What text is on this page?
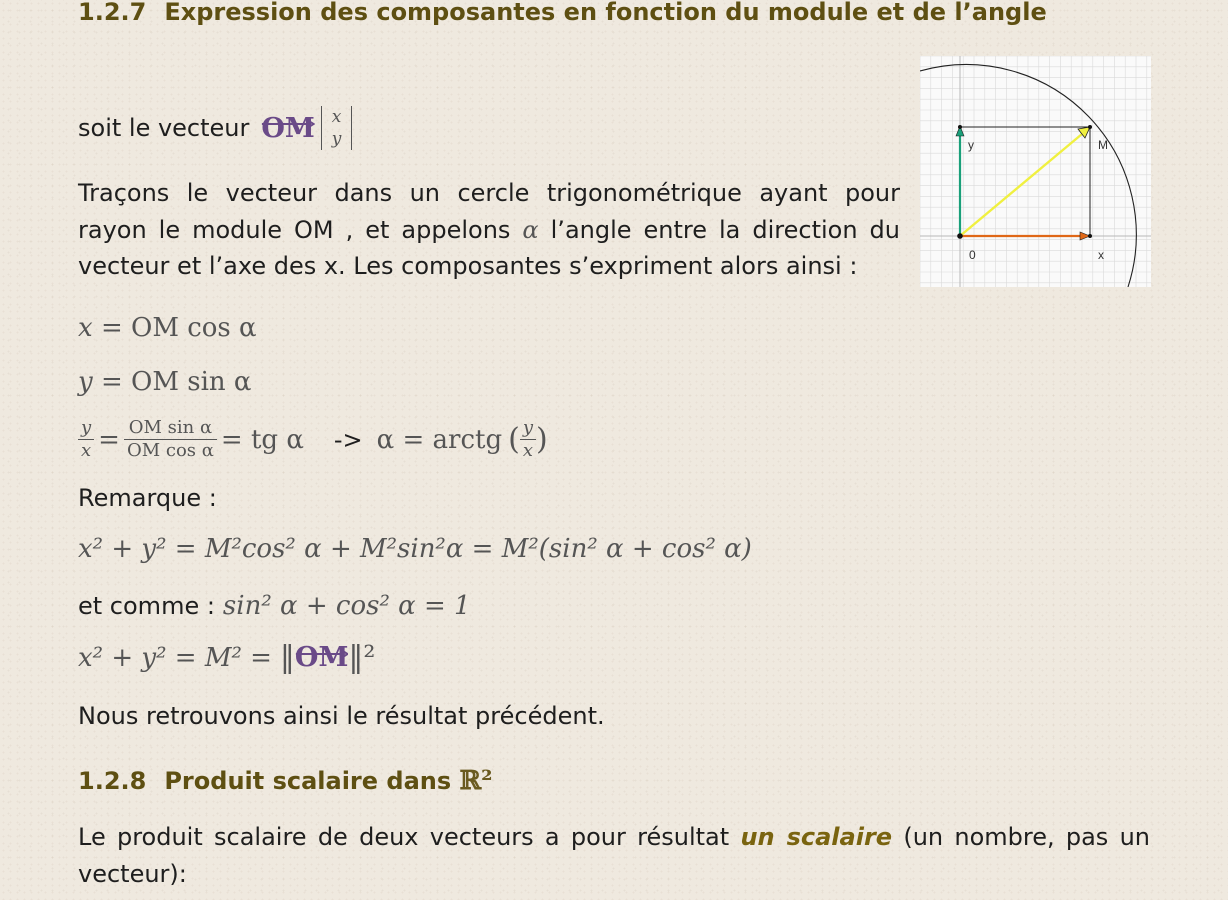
1.2.7 Expression des composantes en fonction du module et de l’angle
soit le vecteur OM x
y
Traçons le vecteur dans un cercle trigonométrique ayant pour
rayon le module OM , et appelons α l’angle entre la direction du
vecteur et l’axe des x. Les composantes s’expriment alors ainsi :
y	M
0	x
x = OM cos α
y = OM sin α
$\frac{y}{x} = \frac{\text{OM sin α}}{\text{OM cos α}}$ = tg α -> α = arctg ( $\frac{y}{x}$ )
Remarque :
x² + y² = M²cos² α + M²sin²α = M²(sin² α + cos² α)
et comme : sin² α + cos² α = 1
x² + y² = M² = ‖ OM ‖²
Nous retrouvons ainsi le résultat précédent.
1.2.8 Produit scalaire dans ℝ²
Le produit scalaire de deux vecteurs a pour résultat un scalaire (un nombre, pas un
vecteur):
